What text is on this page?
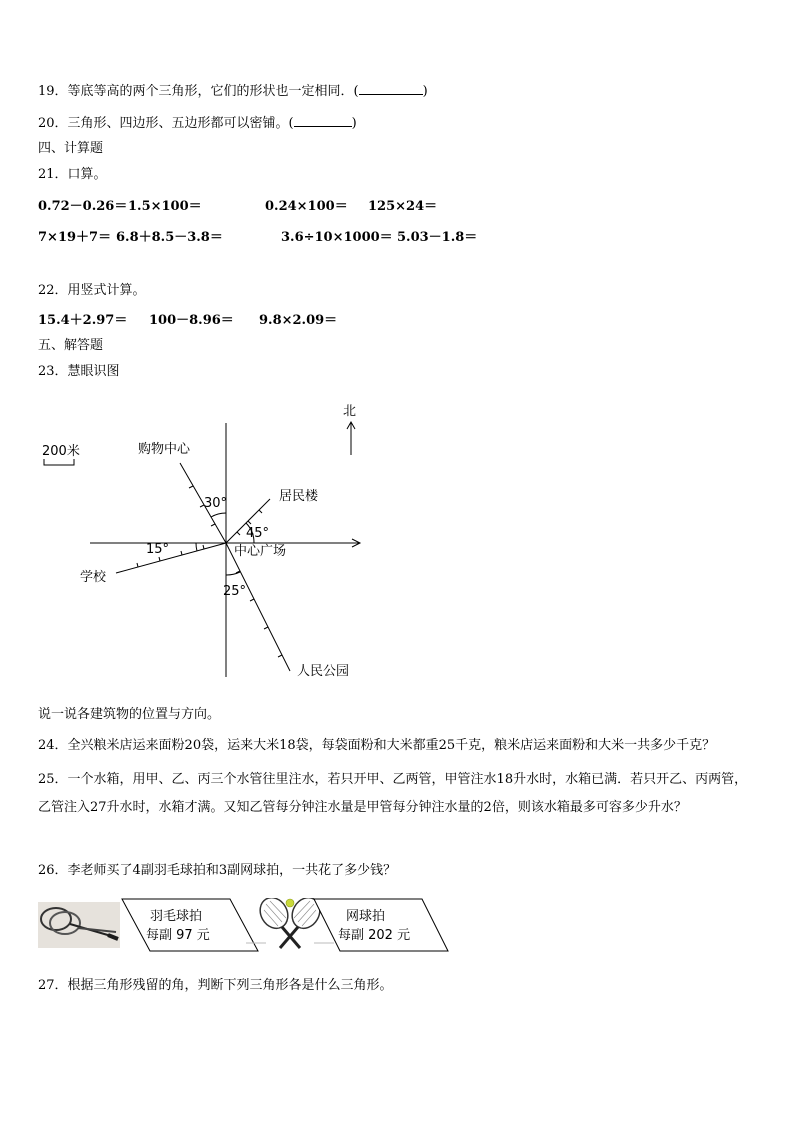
19．等底等高的两个三角形，它们的形状也一定相同．(	)
20．三角形、四边形、五边形都可以密铺。(	)
四、计算题
21．口算。
0.72－0.26＝ 1.5×100＝	0.24×100＝ 125×24＝
7×19＋7＝ 6.8＋8.5－3.8＝	3.6÷10×1000＝ 5.03－1.8＝
22．用竖式计算。
15.4＋2.97＝ 100－8.96＝ 9.8×2.09＝
五、解答题
23．慧眼识图
北
200米	购物中心
居民楼
中心广场
学校
人民公园
30°
45°
15°
25°
说一说各建筑物的位置与方向。
24．全兴粮米店运来面粉20袋，运来大米18袋，每袋面粉和大米都重25千克，粮米店运来面粉和大米一共多少千克？
25．一个水箱，用甲、乙、丙三个水管往里注水，若只开甲、乙两管，甲管注水18升水时，水箱已满．若只开乙、丙两管，乙管注入27升水时，水箱才满。又知乙管每分钟注水量是甲管每分钟注水量的2倍，则该水箱最多可容多少升水？
26．李老师买了4副羽毛球拍和3副网球拍，一共花了多少钱？
羽毛球拍
每副 97 元
网球拍
每副 202 元
27．根据三角形残留的角，判断下列三角形各是什么三角形。
